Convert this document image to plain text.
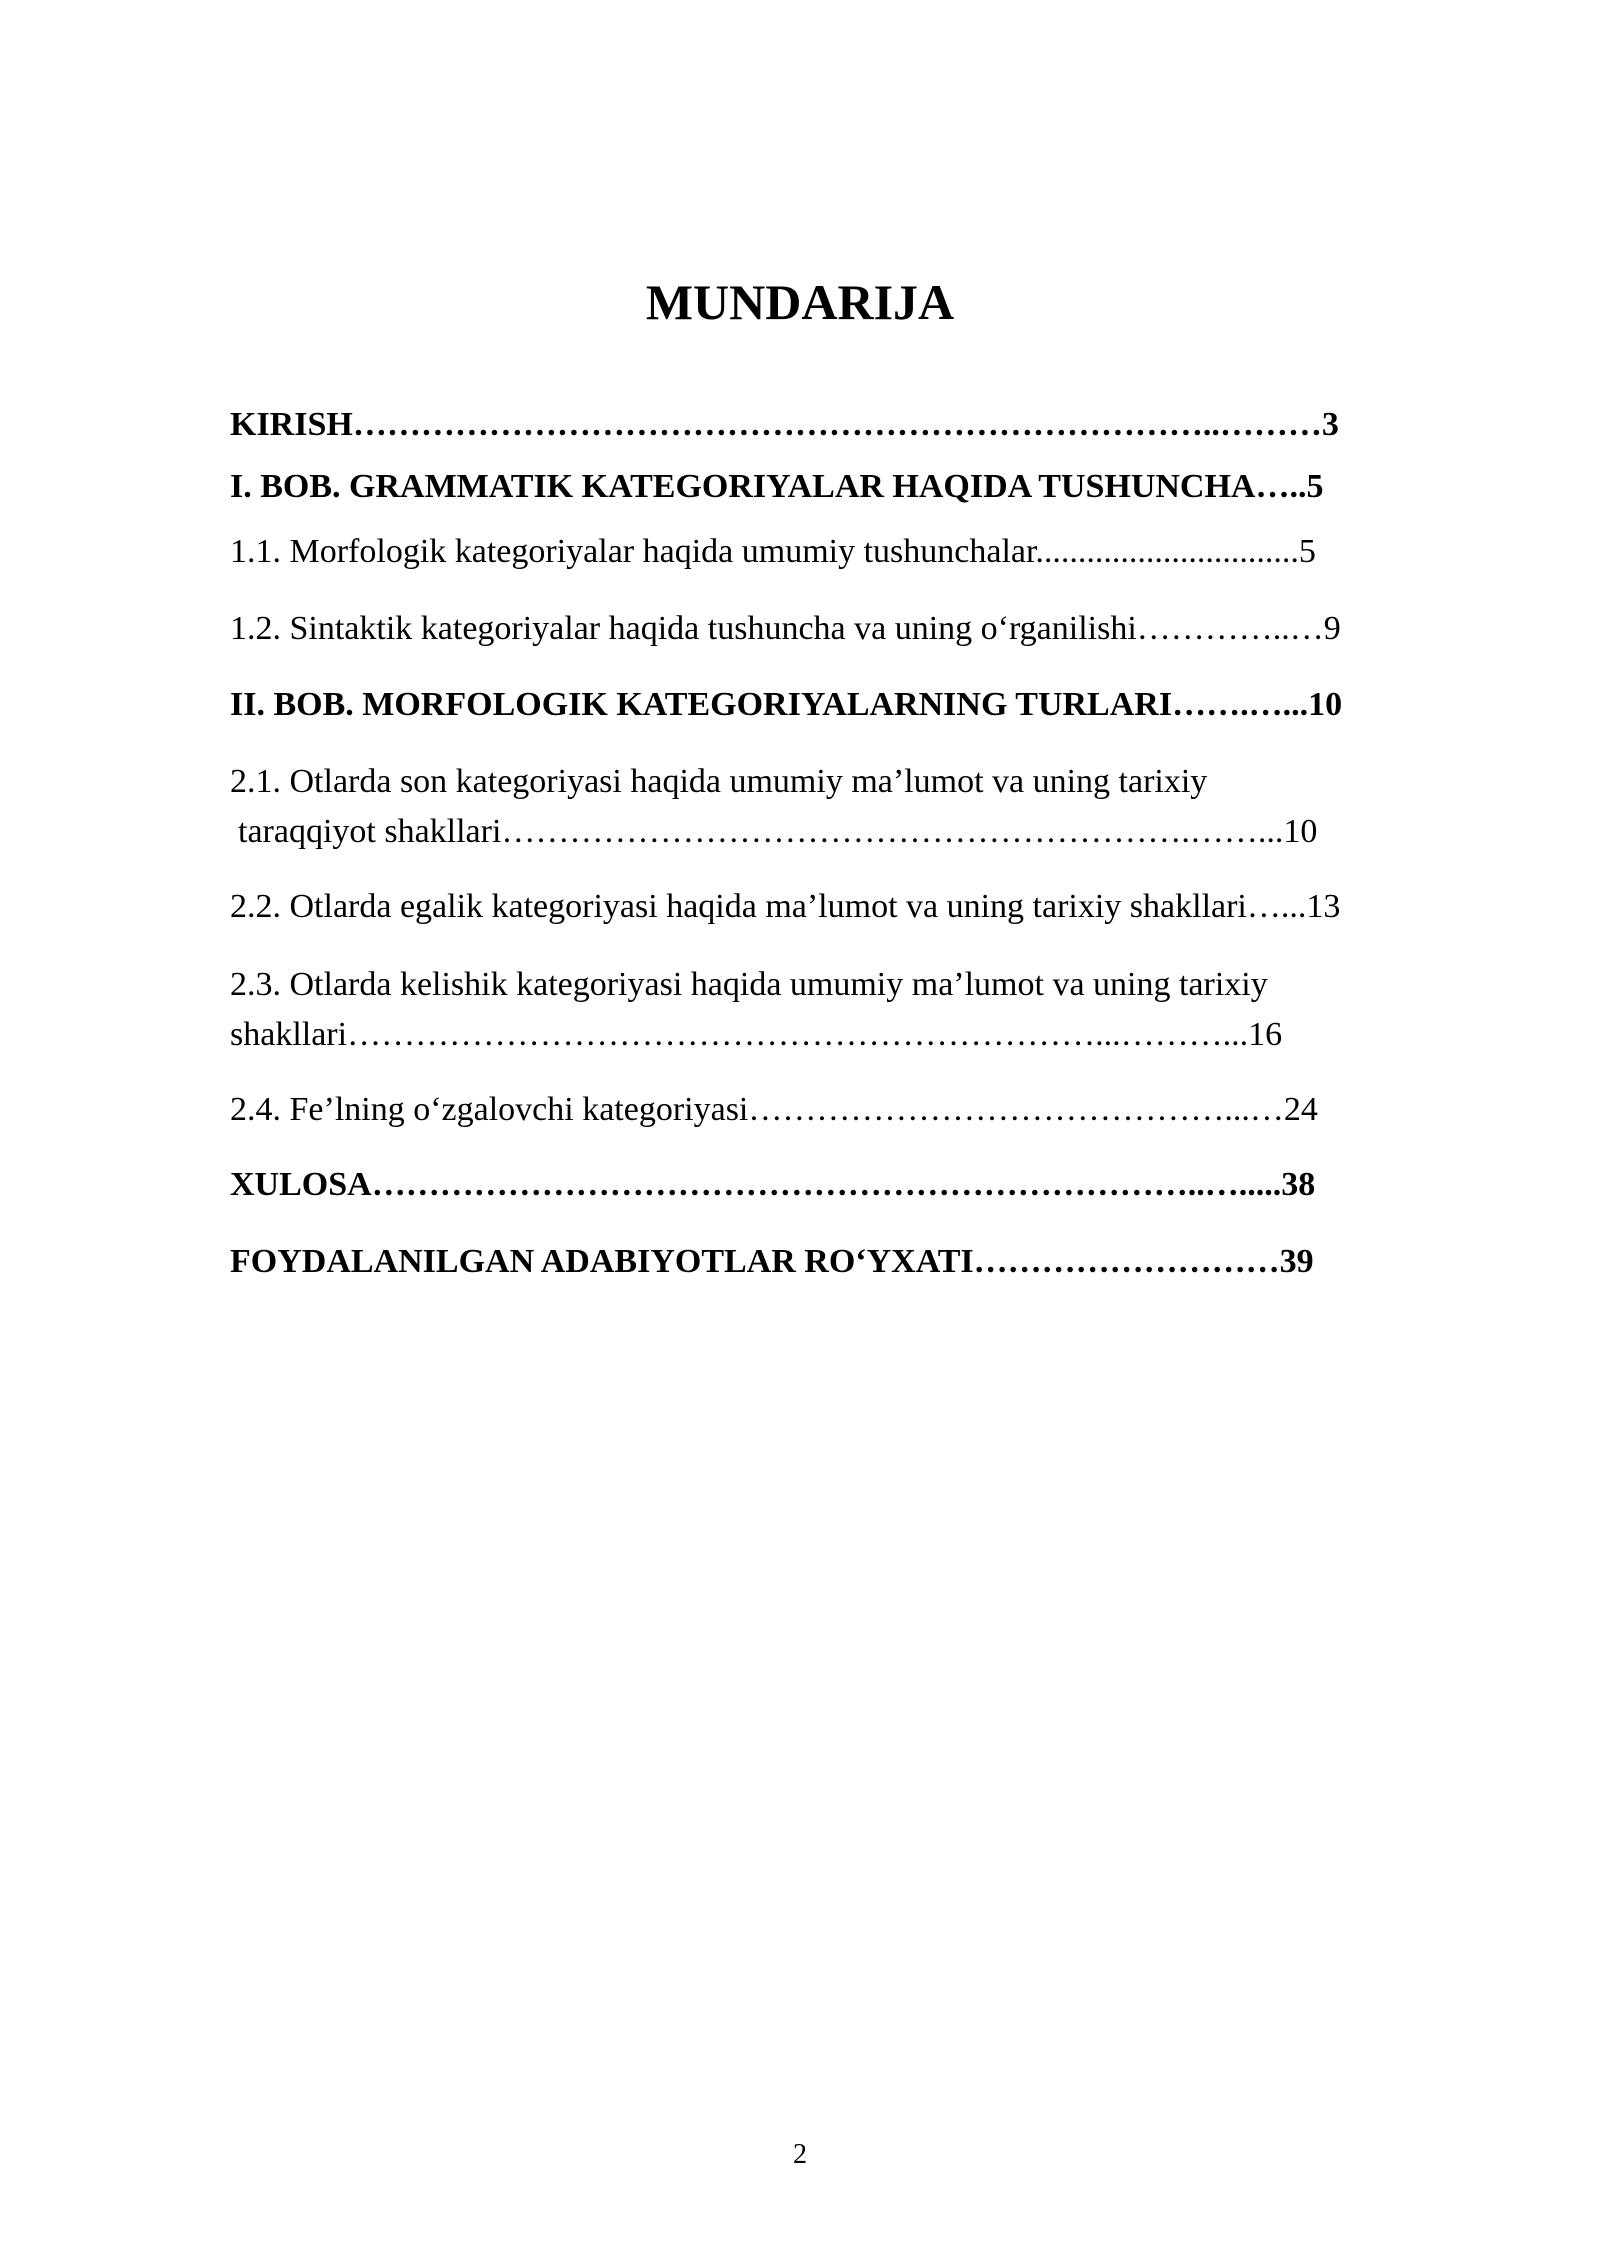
MUNDARIJA
KIRISH…………………………………………………………………..………3
I. BOB. GRAMMATIK KATEGORIYALAR HAQIDA TUSHUNCHA…..5
1.1. Morfologik kategoriyalar haqida umumiy tushunchalar...............................5
1.2. Sintaktik kategoriyalar haqida tushuncha va uning o‘rganilishi…………..…9
II. BOB. MORFOLOGIK KATEGORIYALARNING TURLARI…….…...10
2.1. Otlarda son kategoriyasi haqida umumiy ma’lumot va uning tarixiy
taraqqiyot shakllari…………………………………………………….……...10
2.2. Otlarda egalik kategoriyasi haqida ma’lumot va uning tarixiy shakllari…...13
2.3. Otlarda kelishik kategoriyasi haqida umumiy ma’lumot va uning tarixiy
shakllari…………………………………………………………...………...16
2.4. Fe’lning o‘zgalovchi kategoriyasi……………………………………...…24
XULOSA………………………………………………………………..….....38
FOYDALANILGAN ADABIYOTLAR RO‘YXATI………………………39
2
